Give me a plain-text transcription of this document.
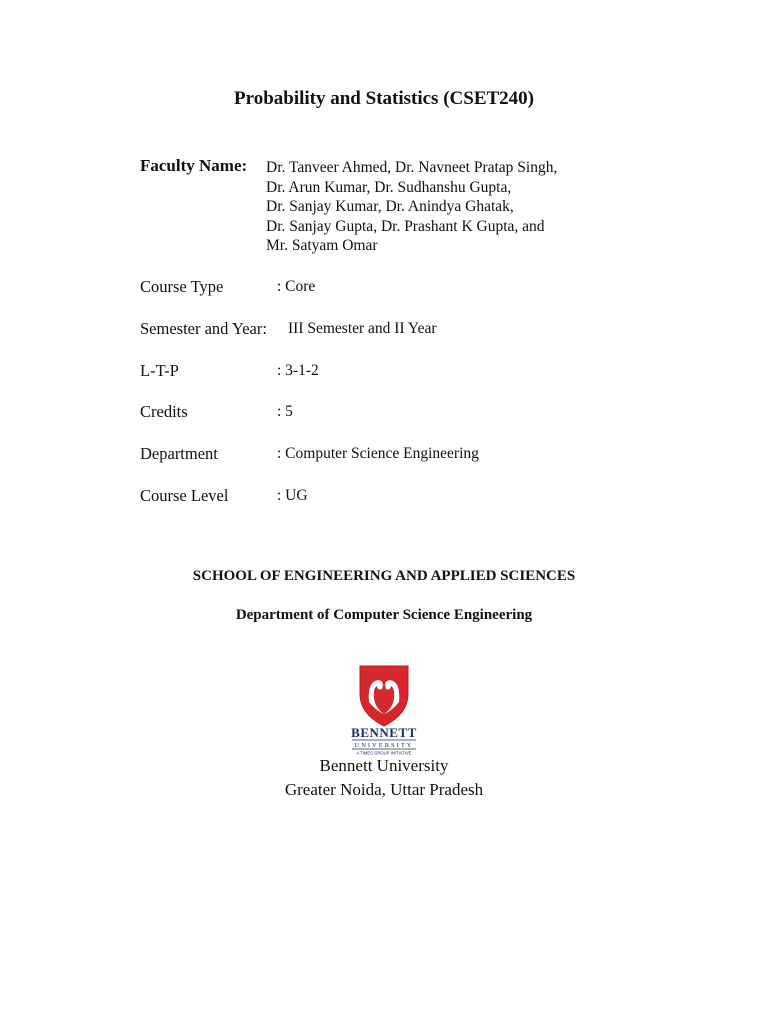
Probability and Statistics (CSET240)
Faculty Name: Dr. Tanveer Ahmed, Dr. Navneet Pratap Singh,
Dr. Arun Kumar, Dr. Sudhanshu Gupta,
Dr. Sanjay Kumar, Dr. Anindya Ghatak,
Dr. Sanjay Gupta, Dr. Prashant K Gupta, and
Mr. Satyam Omar
Course Type	: Core
Semester and Year: III Semester and II Year
L-T-P	: 3-1-2
Credits	: 5
Department	: Computer Science Engineering
Course Level	: UG
SCHOOL OF ENGINEERING AND APPLIED SCIENCES
Department of Computer Science Engineering
BENNETT
UNIVERSITY
A TIMES GROUP INITIATIVE
Bennett University
Greater Noida, Uttar Pradesh
